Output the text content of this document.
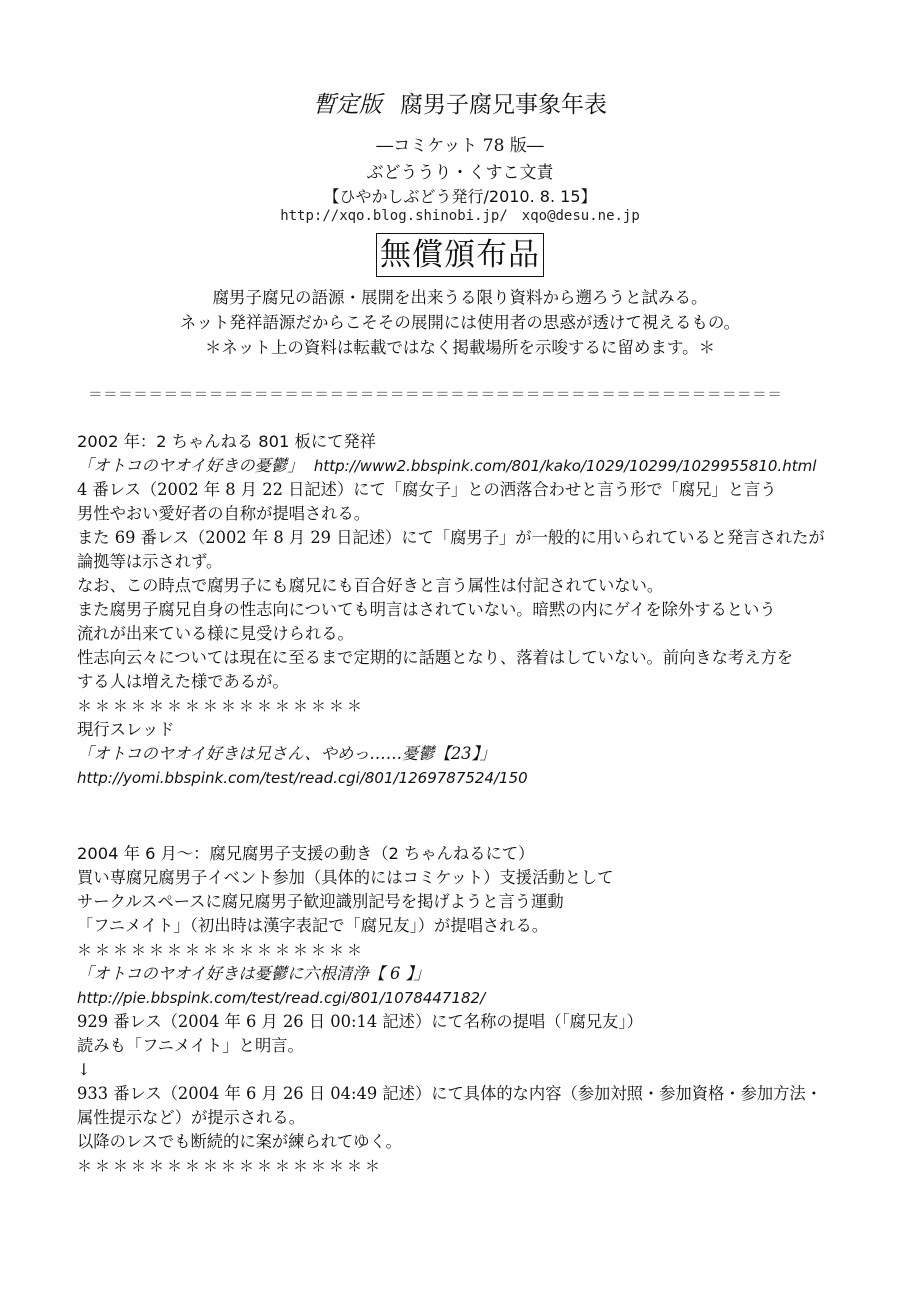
暫定版 腐男子腐兄事象年表
―コミケット 78 版―
ぶどううり・くすこ文責
【ひやかしぶどう発行/2010. 8. 15】
http://xqo.blog.shinobi.jp/ xqo@desu.ne.jp
無償頒布品
腐男子腐兄の語源・展開を出来うる限り資料から遡ろうと試みる。
ネット発祥語源だからこそその展開には使用者の思惑が透けて視えるもの。
＊ネット上の資料は転載ではなく掲載場所を示唆するに留めます。＊
＝＝＝＝＝＝＝＝＝＝＝＝＝＝＝＝＝＝＝＝＝＝＝＝＝＝＝＝＝＝＝＝＝＝＝＝＝＝＝＝＝＝＝＝＝＝
2002 年：2 ちゃんねる 801 板にて発祥
「オトコのヤオイ好きの憂鬱」 http://www2.bbspink.com/801/kako/1029/10299/1029955810.html
4 番レス（2002 年 8 月 22 日記述）にて「腐女子」との洒落合わせと言う形で「腐兄」と言う
男性やおい愛好者の自称が提唱される。
また 69 番レス（2002 年 8 月 29 日記述）にて「腐男子」が一般的に用いられていると発言されたが
論拠等は示されず。
なお、この時点で腐男子にも腐兄にも百合好きと言う属性は付記されていない。
また腐男子腐兄自身の性志向についても明言はされていない。暗黙の内にゲイを除外するという
流れが出来ている様に見受けられる。
性志向云々については現在に至るまで定期的に話題となり、落着はしていない。前向きな考え方を
する人は増えた様であるが。
＊＊＊＊＊＊＊＊＊＊＊＊＊＊＊＊
現行スレッド
「オトコのヤオイ好きは兄さん、やめっ……憂鬱【23】」
http://yomi.bbspink.com/test/read.cgi/801/1269787524/150
2004 年 6 月～：腐兄腐男子支援の動き（2 ちゃんねるにて）
買い専腐兄腐男子イベント参加（具体的にはコミケット）支援活動として
サークルスペースに腐兄腐男子歓迎識別記号を掲げようと言う運動
「フニメイト」（初出時は漢字表記で「腐兄友」）が提唱される。
＊＊＊＊＊＊＊＊＊＊＊＊＊＊＊＊
「オトコのヤオイ好きは憂鬱に六根清浄【 6 】」
http://pie.bbspink.com/test/read.cgi/801/1078447182/
929 番レス（2004 年 6 月 26 日 00:14 記述）にて名称の提唱（「腐兄友」）
読みも「フニメイト」と明言。
↓
933 番レス（2004 年 6 月 26 日 04:49 記述）にて具体的な内容（参加対照・参加資格・参加方法・
属性提示など）が提示される。
以降のレスでも断続的に案が練られてゆく。
＊＊＊＊＊＊＊＊＊＊＊＊＊＊＊＊＊
